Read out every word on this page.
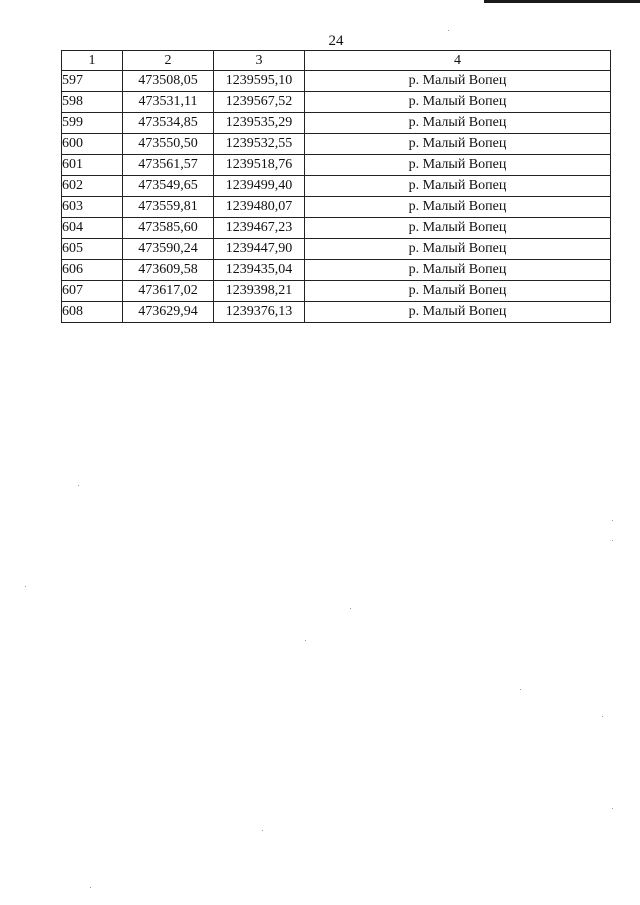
24
1	2	3	4
597	473508,05	1239595,10	р. Малый Вопец
598	473531,11	1239567,52	р. Малый Вопец
599	473534,85	1239535,29	р. Малый Вопец
600	473550,50	1239532,55	р. Малый Вопец
601	473561,57	1239518,76	р. Малый Вопец
602	473549,65	1239499,40	р. Малый Вопец
603	473559,81	1239480,07	р. Малый Вопец
604	473585,60	1239467,23	р. Малый Вопец
605	473590,24	1239447,90	р. Малый Вопец
606	473609,58	1239435,04	р. Малый Вопец
607	473617,02	1239398,21	р. Малый Вопец
608	473629,94	1239376,13	р. Малый Вопец
